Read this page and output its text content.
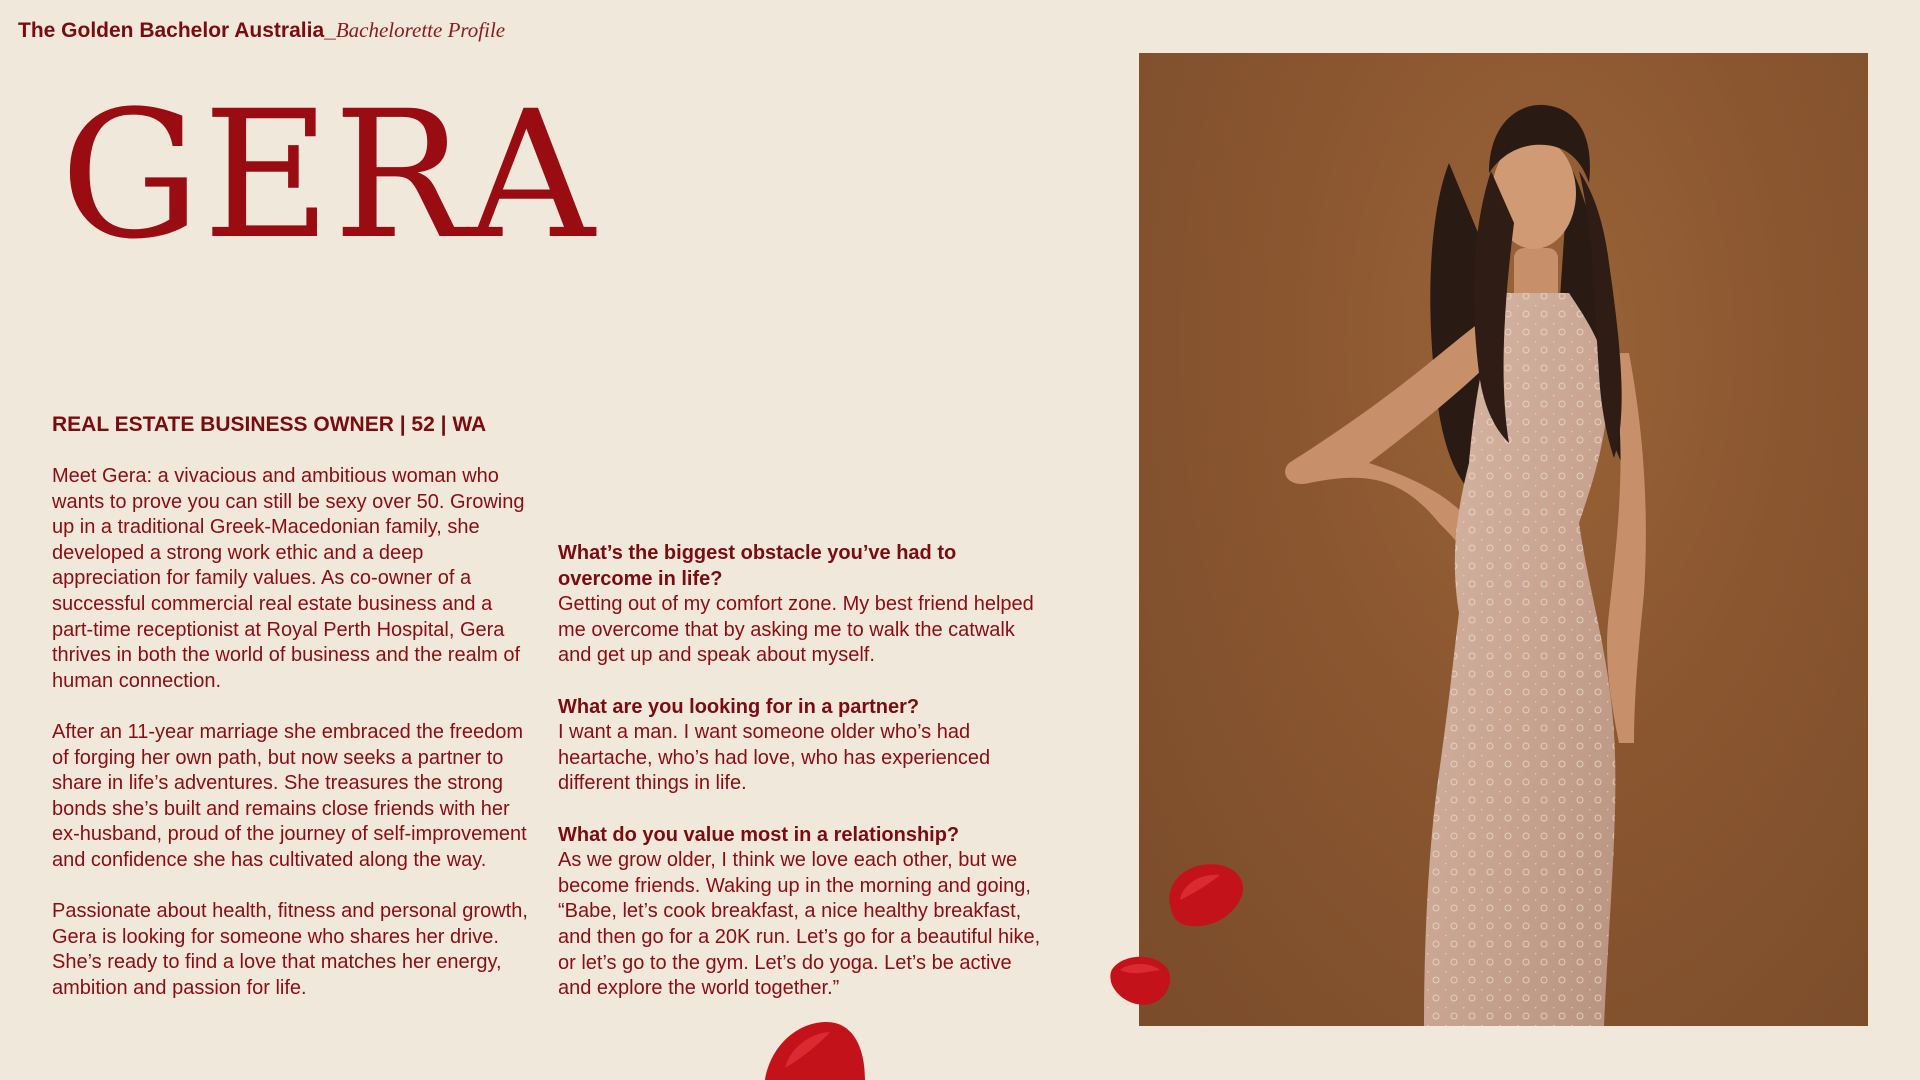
The Golden Bachelor Australia_Bachelorette Profile
GERA
REAL ESTATE BUSINESS OWNER | 52 | WA

Meet Gera: a vivacious and ambitious woman who wants to prove you can still be sexy over 50. Growing up in a traditional Greek-Macedonian family, she developed a strong work ethic and a deep appreciation for family values. As co-owner of a successful commercial real estate business and a part-time receptionist at Royal Perth Hospital, Gera thrives in both the world of business and the realm of human connection.

After an 11-year marriage she embraced the freedom of forging her own path, but now seeks a partner to share in life’s adventures. She treasures the strong bonds she’s built and remains close friends with her ex-husband, proud of the journey of self-improvement and confidence she has cultivated along the way.

Passionate about health, fitness and personal growth, Gera is looking for someone who shares her drive. She’s ready to find a love that matches her energy, ambition and passion for life.

What’s the biggest obstacle you’ve had to overcome in life?
Getting out of my comfort zone. My best friend helped me overcome that by asking me to walk the catwalk and get up and speak about myself.
What are you looking for in a partner?
I want a man. I want someone older who’s had heartache, who’s had love, who has experienced different things in life.
What do you value most in a relationship?
As we grow older, I think we love each other, but we become friends. Waking up in the morning and going, “Babe, let’s cook breakfast, a nice healthy breakfast, and then go for a 20K run. Let’s go for a beautiful hike, or let’s go to the gym. Let’s do yoga. Let’s be active and explore the world together.”
